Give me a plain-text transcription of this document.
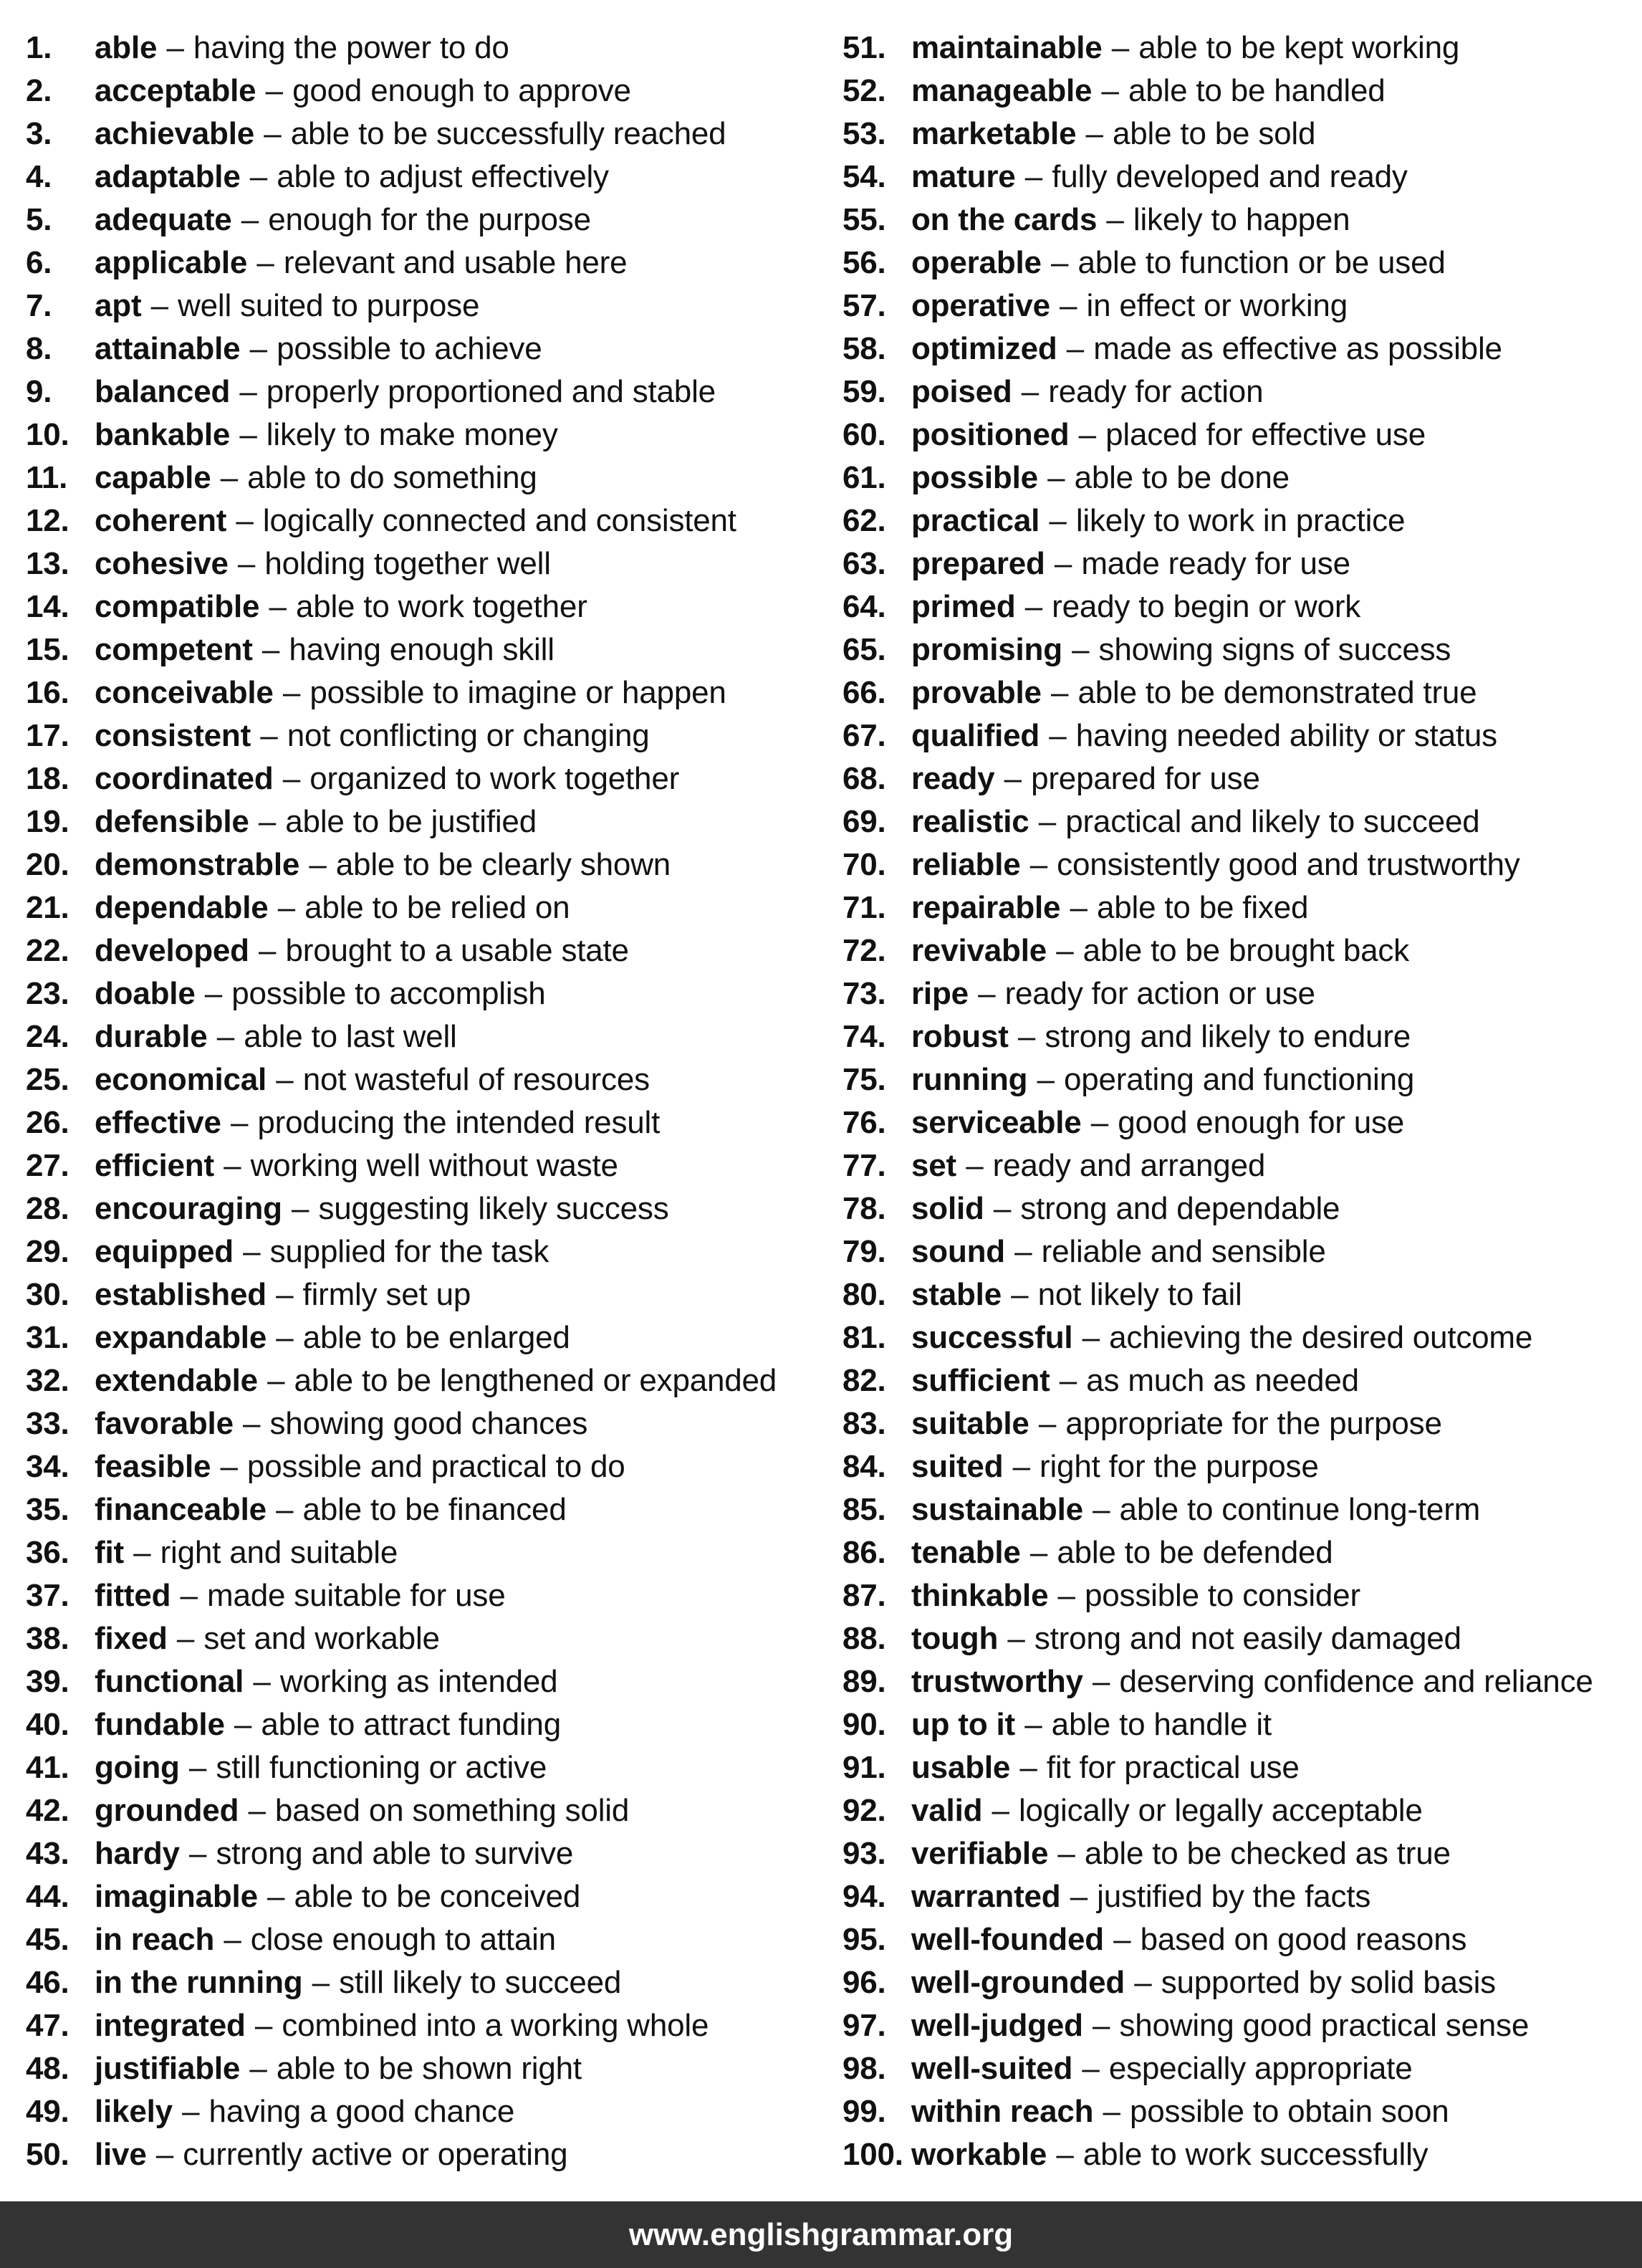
1.	able – having the power to do
2.	acceptable – good enough to approve
3.	achievable – able to be successfully reached
4.	adaptable – able to adjust effectively
5.	adequate – enough for the purpose
6.	applicable – relevant and usable here
7.	apt – well suited to purpose
8.	attainable – possible to achieve
9.	balanced – properly proportioned and stable
10. bankable – likely to make money
11. capable – able to do something
12. coherent – logically connected and consistent
13. cohesive – holding together well
14. compatible – able to work together
15. competent – having enough skill
16. conceivable – possible to imagine or happen
17. consistent – not conflicting or changing
18. coordinated – organized to work together
19. defensible – able to be justified
20. demonstrable – able to be clearly shown
21. dependable – able to be relied on
22. developed – brought to a usable state
23. doable – possible to accomplish
24. durable – able to last well
25. economical – not wasteful of resources
26. effective – producing the intended result
27. efficient – working well without waste
28. encouraging – suggesting likely success
29. equipped – supplied for the task
30. established – firmly set up
31. expandable – able to be enlarged
32. extendable – able to be lengthened or expanded
33. favorable – showing good chances
34. feasible – possible and practical to do
35. financeable – able to be financed
36. fit – right and suitable
37. fitted – made suitable for use
38. fixed – set and workable
39. functional – working as intended
40. fundable – able to attract funding
41. going – still functioning or active
42. grounded – based on something solid
43. hardy – strong and able to survive
44. imaginable – able to be conceived
45. in reach – close enough to attain
46. in the running – still likely to succeed
47. integrated – combined into a working whole
48. justifiable – able to be shown right
49. likely – having a good chance
50. live – currently active or operating
51. maintainable – able to be kept working
52. manageable – able to be handled
53. marketable – able to be sold
54. mature – fully developed and ready
55. on the cards – likely to happen
56. operable – able to function or be used
57. operative – in effect or working
58. optimized – made as effective as possible
59. poised – ready for action
60. positioned – placed for effective use
61. possible – able to be done
62. practical – likely to work in practice
63. prepared – made ready for use
64. primed – ready to begin or work
65. promising – showing signs of success
66. provable – able to be demonstrated true
67. qualified – having needed ability or status
68. ready – prepared for use
69. realistic – practical and likely to succeed
70. reliable – consistently good and trustworthy
71. repairable – able to be fixed
72. revivable – able to be brought back
73. ripe – ready for action or use
74. robust – strong and likely to endure
75. running – operating and functioning
76. serviceable – good enough for use
77. set – ready and arranged
78. solid – strong and dependable
79. sound – reliable and sensible
80. stable – not likely to fail
81. successful – achieving the desired outcome
82. sufficient – as much as needed
83. suitable – appropriate for the purpose
84. suited – right for the purpose
85. sustainable – able to continue long-term
86. tenable – able to be defended
87. thinkable – possible to consider
88. tough – strong and not easily damaged
89. trustworthy – deserving confidence and reliance
90. up to it – able to handle it
91. usable – fit for practical use
92. valid – logically or legally acceptable
93. verifiable – able to be checked as true
94. warranted – justified by the facts
95. well-founded – based on good reasons
96. well-grounded – supported by solid basis
97. well-judged – showing good practical sense
98. well-suited – especially appropriate
99. within reach – possible to obtain soon
100. workable – able to work successfully
www.englishgrammar.org
